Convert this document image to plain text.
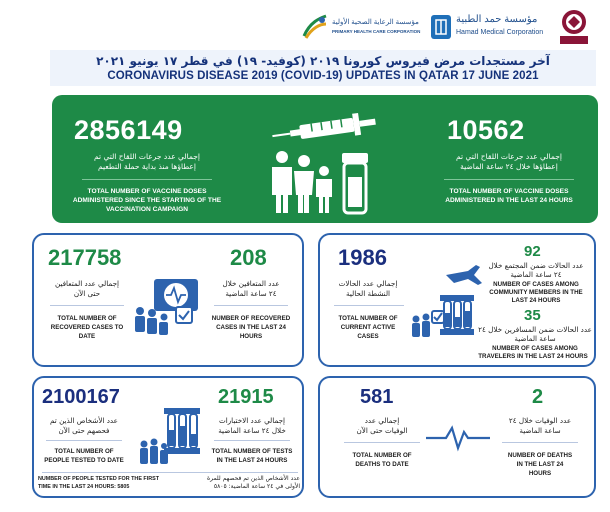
مؤسسة الرعاية الصحية الأولية
PRIMARY HEALTH CARE CORPORATION
مؤسسة حمد الطبية
Hamad Medical Corporation
آخر مستجدات مرض فيروس كورونا ٢٠١٩ (كوفيد- ١٩) في قطر ١٧ يونيو ٢٠٢١
CORONAVIRUS DISEASE 2019 (COVID-19) UPDATES IN QATAR 17 JUNE 2021
2856149
إجمالي عدد جرعات اللقاح التي تم
إعطاؤها منذ بداية حملة التطعيم
TOTAL NUMBER OF VACCINE DOSES
ADMINISTERED SINCE THE STARTING OF THE
VACCINATION CAMPAIGN
10562
إجمالي عدد جرعات اللقاح التي تم
إعطاؤها خلال ٢٤ ساعة الماضية
TOTAL NUMBER OF VACCINE DOSES
ADMINISTERED IN THE LAST 24 HOURS
217758
إجمالي عدد المتعافين
حتى الآن
TOTAL NUMBER OF
RECOVERED CASES TO
DATE
208
عدد المتعافين خلال
٢٤ ساعة الماضية
NUMBER OF RECOVERED
CASES IN THE LAST 24
HOURS
1986
إجمالي عدد الحالات
النشطة الحالية
TOTAL NUMBER OF
CURRENT ACTIVE
CASES
92
عدد الحالات ضمن المجتمع خلال
٢٤ ساعة الماضية
NUMBER OF CASES AMONG
COMMUNITY MEMBERS IN THE
LAST 24 HOURS
35
عدد الحالات ضمن المسافرين خلال ٢٤
ساعة الماضية
NUMBER OF CASES AMONG
TRAVELERS IN THE LAST 24 HOURS
2100167
عدد الأشخاص الذين تم
فحصهم حتى الآن
TOTAL NUMBER OF
PEOPLE TESTED TO DATE
21915
إجمالي عدد الاختبارات
خلال ٢٤ ساعة الماضية
TOTAL NUMBER OF TESTS
IN THE LAST 24 HOURS
NUMBER OF PEOPLE TESTED FOR THE FIRST
TIME IN THE LAST 24 HOURS: 5805
عدد الأشخاص الذين تم فحصهم للمرة
الأولى في ٢٤ ساعة الماضية: ٥٨٠٥
581
إجمالي عدد
الوفيات حتى الآن
TOTAL NUMBER OF
DEATHS TO DATE
2
عدد الوفيات خلال ٢٤
ساعة الماضية
NUMBER OF DEATHS
IN THE LAST 24
HOURS
